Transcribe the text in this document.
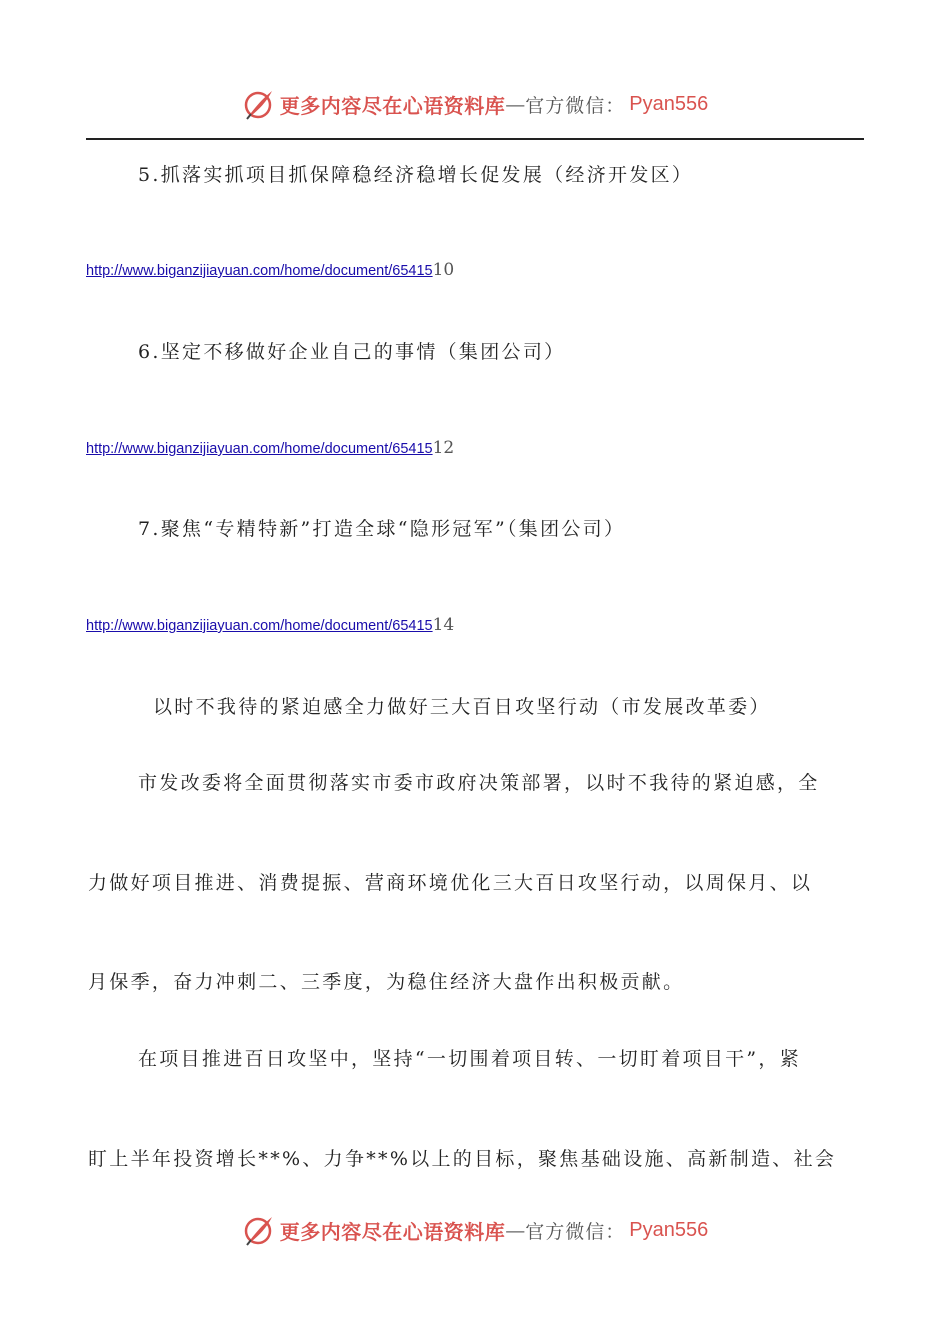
更多内容尽在心语资料库 — 官方微信： Pyan556
5.抓落实抓项目抓保障稳经济稳增长促发展（经济开发区）
http://www.biganzijiayuan.com/home/document/6541510
6.坚定不移做好企业自己的事情（集团公司）
http://www.biganzijiayuan.com/home/document/6541512
7.聚焦“专精特新”打造全球“隐形冠军”（集团公司）
http://www.biganzijiayuan.com/home/document/6541514
以时不我待的紧迫感全力做好三大百日攻坚行动（市发展改革委）
市发改委将全面贯彻落实市委市政府决策部署，以时不我待的紧迫感，全
力做好项目推进、消费提振、营商环境优化三大百日攻坚行动，以周保月、以
月保季，奋力冲刺二、三季度，为稳住经济大盘作出积极贡献。
在项目推进百日攻坚中，坚持“一切围着项目转、一切盯着项目干”，紧
盯上半年投资增长**%、力争**%以上的目标，聚焦基础设施、高新制造、社会
更多内容尽在心语资料库 — 官方微信： Pyan556
